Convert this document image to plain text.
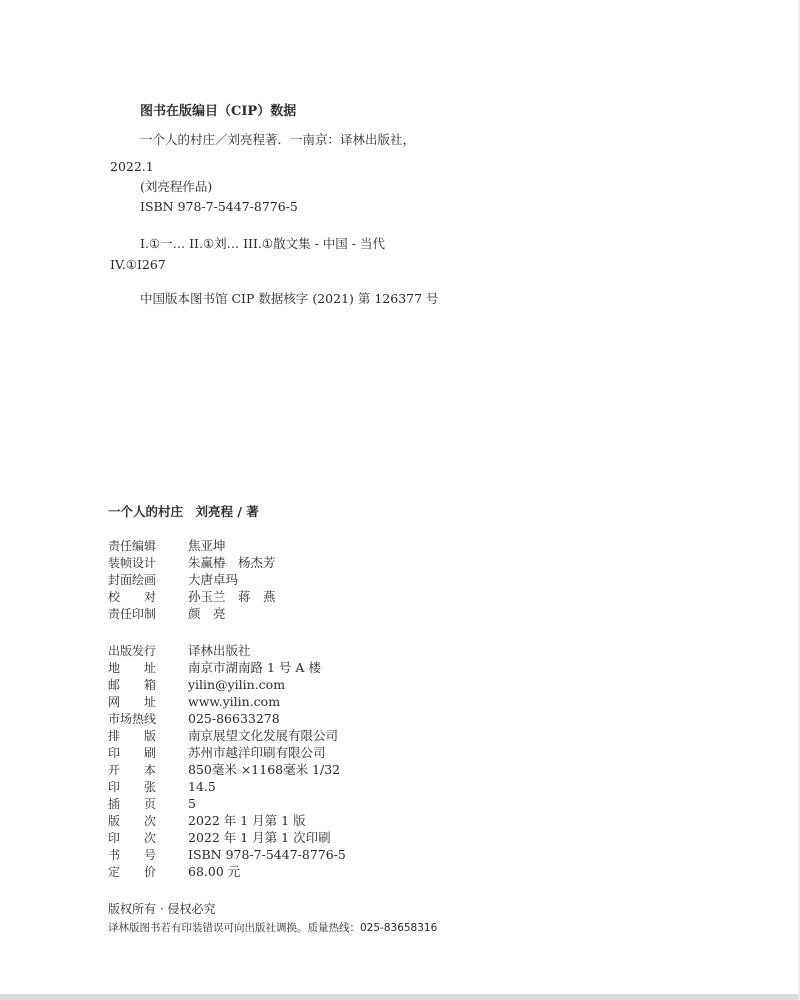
图书在版编目（CIP）数据
一个人的村庄／刘亮程著．一南京：译林出版社，
2022.1
(刘亮程作品)
ISBN 978-7-5447-8776-5
I.①一… II.①刘… III.①散文集 - 中国 - 当代
IV.①I267
中国版本图书馆 CIP 数据核字 (2021) 第 126377 号
一个人的村庄　刘亮程 / 著
责任编辑	焦亚坤
装帧设计	朱赢椿　杨杰芳
封面绘画	大唐卓玛
校　　对	孙玉兰　蒋　燕
责任印制	颜　亮
出版发行	译林出版社
地　　址	南京市湖南路 1 号 A 楼
邮　　箱	yilin@yilin.com
网　　址	www.yilin.com
市场热线	025-86633278
排　　版	南京展望文化发展有限公司
印　　刷	苏州市越洋印刷有限公司
开　　本	850毫米 ×1168毫米 1/32
印　　张	14.5
插　　页	5
版　　次	2022 年 1 月第 1 版
印　　次	2022 年 1 月第 1 次印刷
书　　号	ISBN 978-7-5447-8776-5
定　　价	68.00 元
版权所有 · 侵权必究
译林版图书若有印装错误可向出版社调换。质量热线：025-83658316
